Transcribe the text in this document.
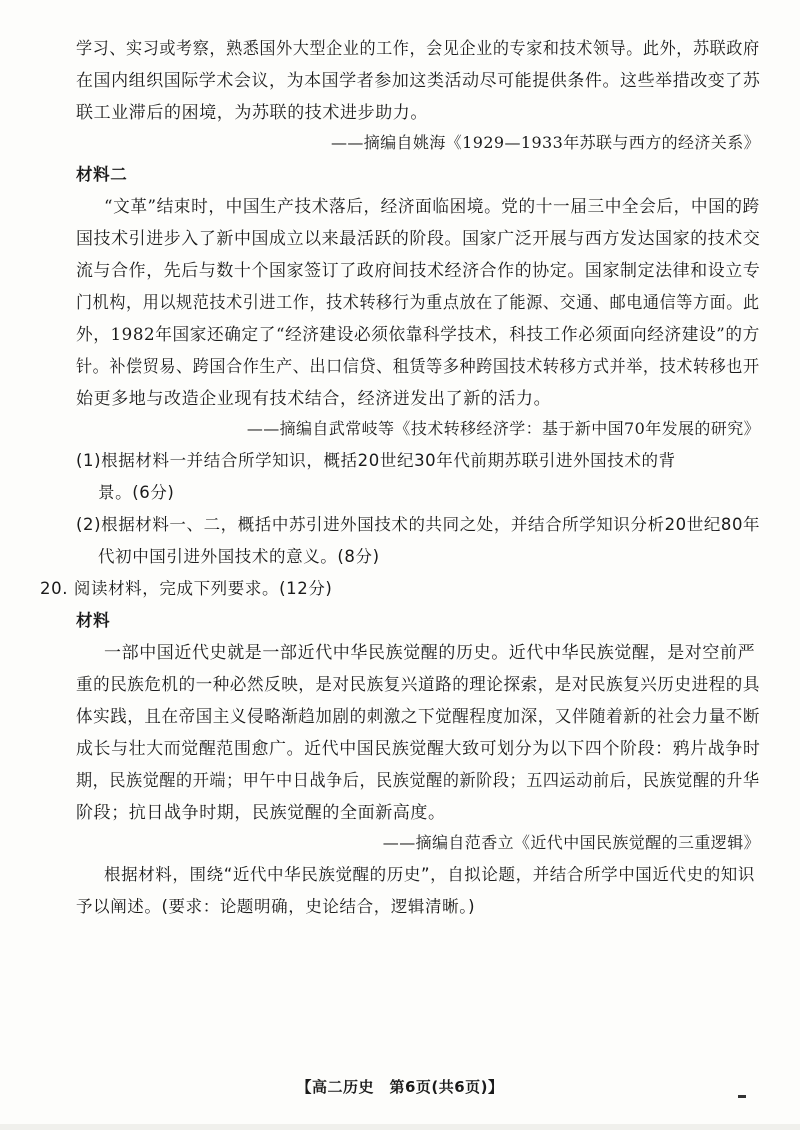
学习、实习或考察，熟悉国外大型企业的工作，会见企业的专家和技术领导。此外，苏联政府
在国内组织国际学术会议，为本国学者参加这类活动尽可能提供条件。这些举措改变了苏
联工业滞后的困境，为苏联的技术进步助力。
——摘编自姚海《1929—1933年苏联与西方的经济关系》
材料二
“文革”结束时，中国生产技术落后，经济面临困境。党的十一届三中全会后，中国的跨
国技术引进步入了新中国成立以来最活跃的阶段。国家广泛开展与西方发达国家的技术交
流与合作，先后与数十个国家签订了政府间技术经济合作的协定。国家制定法律和设立专
门机构，用以规范技术引进工作，技术转移行为重点放在了能源、交通、邮电通信等方面。此
外，1982年国家还确定了“经济建设必须依靠科学技术，科技工作必须面向经济建设”的方
针。补偿贸易、跨国合作生产、出口信贷、租赁等多种跨国技术转移方式并举，技术转移也开
始更多地与改造企业现有技术结合，经济迸发出了新的活力。
——摘编自武常岐等《技术转移经济学：基于新中国70年发展的研究》
(1)根据材料一并结合所学知识，概括20世纪30年代前期苏联引进外国技术的背
景。(6分)
(2)根据材料一、二，概括中苏引进外国技术的共同之处，并结合所学知识分析20世纪80年
代初中国引进外国技术的意义。(8分)
20. 阅读材料，完成下列要求。(12分)
材料
一部中国近代史就是一部近代中华民族觉醒的历史。近代中华民族觉醒，是对空前严
重的民族危机的一种必然反映，是对民族复兴道路的理论探索，是对民族复兴历史进程的具
体实践，且在帝国主义侵略渐趋加剧的刺激之下觉醒程度加深，又伴随着新的社会力量不断
成长与壮大而觉醒范围愈广。近代中国民族觉醒大致可划分为以下四个阶段：鸦片战争时
期，民族觉醒的开端；甲午中日战争后，民族觉醒的新阶段；五四运动前后，民族觉醒的升华
阶段；抗日战争时期，民族觉醒的全面新高度。
——摘编自范香立《近代中国民族觉醒的三重逻辑》
根据材料，围绕“近代中华民族觉醒的历史”，自拟论题，并结合所学中国近代史的知识
予以阐述。(要求：论题明确，史论结合，逻辑清晰。)
【高二历史　第6页(共6页)】
